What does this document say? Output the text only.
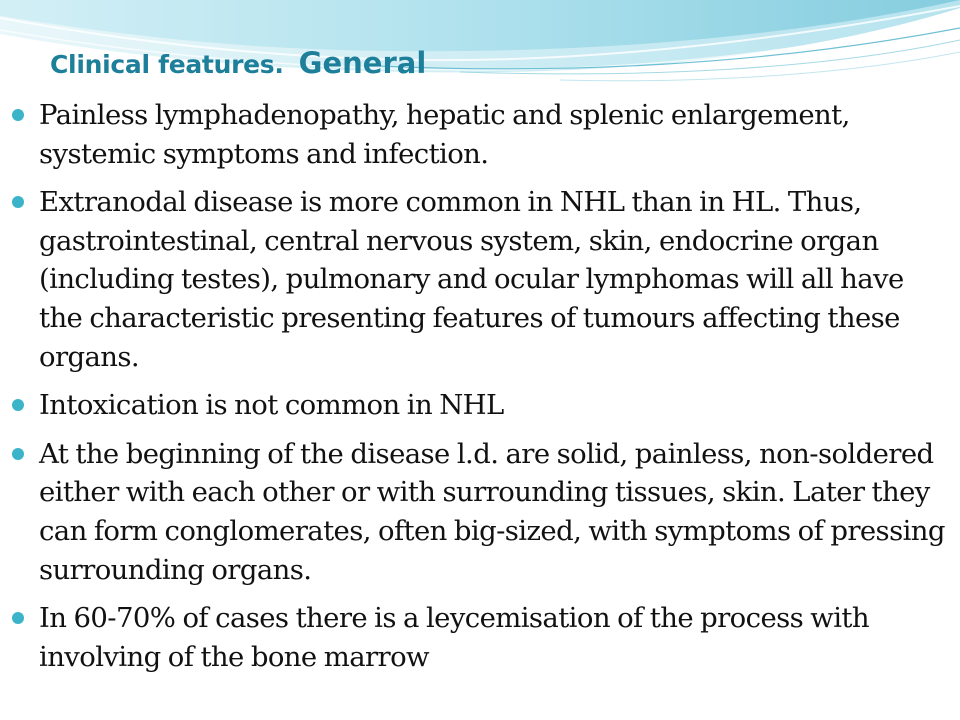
Clinical features. General
Painless lymphadenopathy, hepatic and splenic enlargement, systemic symptoms and infection.
Extranodal disease is more common in NHL than in HL. Thus, gastrointestinal, central nervous system, skin, endocrine organ (including testes), pulmonary and ocular lymphomas will all have the characteristic presenting features of tumours affecting these organs.
Intoxication is not common in NHL
At the beginning of the disease l.d. are solid, painless, non-soldered either with each other or with surrounding tissues, skin. Later they can form conglomerates, often big-sized, with symptoms of pressing surrounding organs.
In 60-70% of cases there is a leycemisation of the process with involving of the bone marrow
